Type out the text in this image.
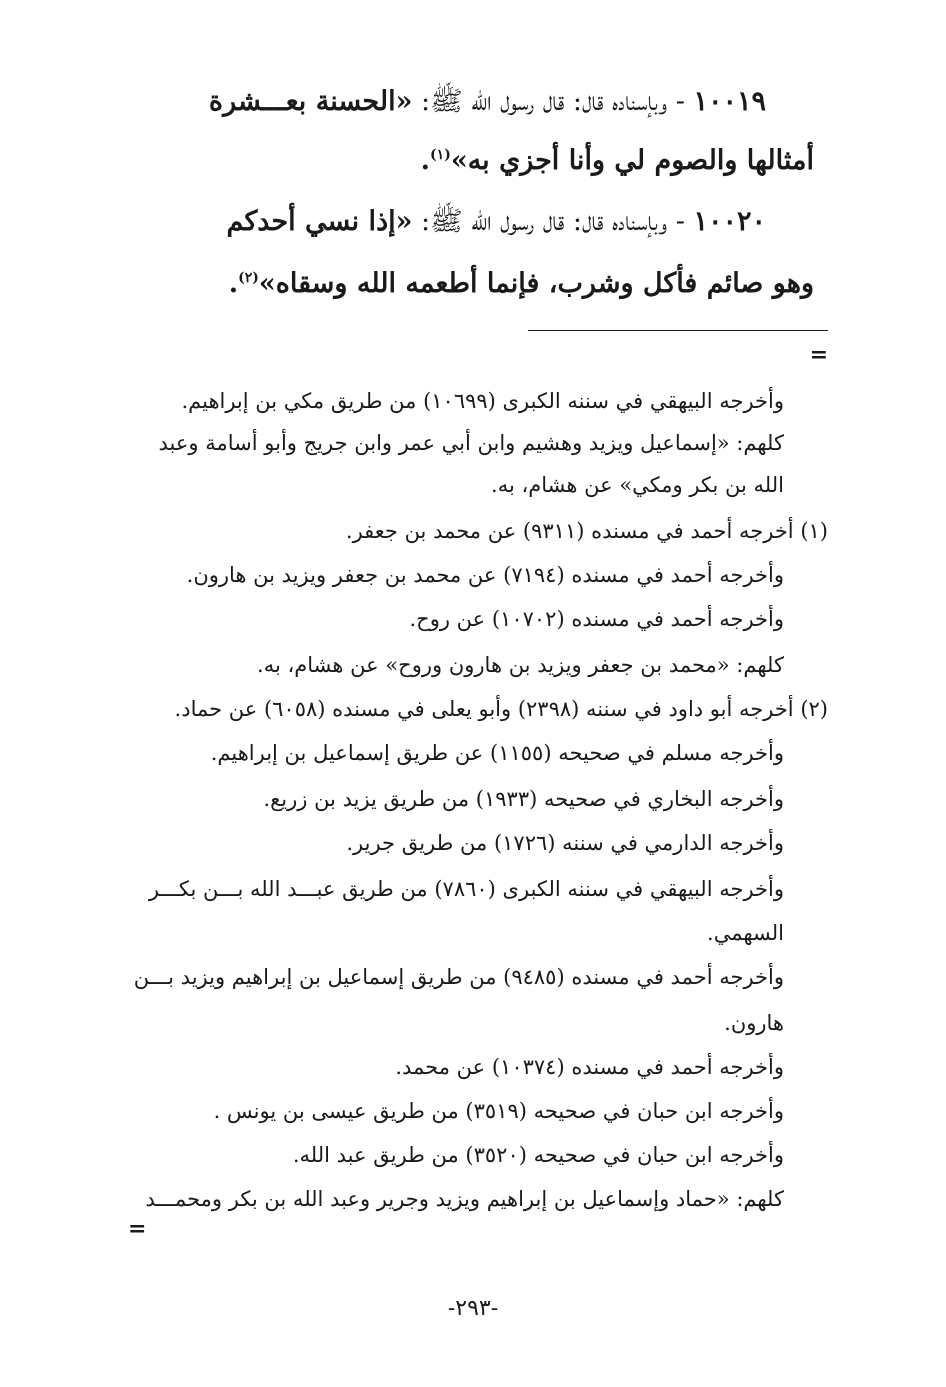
١٠٠١٩ - وبإسناده قال: قال رسول الله ﷺ: «الحسنة بعـــشرة
أمثالها والصوم لي وأنا أجزي به»$^{(١)}$.
١٠٠٢٠ - وبإسناده قال: قال رسول الله ﷺ: «إذا نسي أحدكم
وهو صائم فأكل وشرب، فإنما أطعمه الله وسقاه»$^{(٢)}$.
=
وأخرجه البيهقي في سننه الكبرى (١٠٦٩٩) من طريق مكي بن إبراهيم.
كلهم: «إسماعيل ويزيد وهشيم وابن أبي عمر وابن جريج وأبو أسامة وعبد
الله بن بكر ومكي» عن هشام، به.
(١) أخرجه أحمد في مسنده (٩٣١١) عن محمد بن جعفر.
وأخرجه أحمد في مسنده (٧١٩٤) عن محمد بن جعفر ويزيد بن هارون.
وأخرجه أحمد في مسنده (١٠٧٠٢) عن روح.
كلهم: «محمد بن جعفر ويزيد بن هارون وروح» عن هشام، به.
(٢) أخرجه أبو داود في سننه (٢٣٩٨) وأبو يعلى في مسنده (٦٠٥٨) عن حماد.
وأخرجه مسلم في صحيحه (١١٥٥) عن طريق إسماعيل بن إبراهيم.
وأخرجه البخاري في صحيحه (١٩٣٣) من طريق يزيد بن زريع.
وأخرجه الدارمي في سننه (١٧٢٦) من طريق جرير.
وأخرجه البيهقي في سننه الكبرى (٧٨٦٠) من طريق عبـــد الله بـــن بكـــر
السهمي.
وأخرجه أحمد في مسنده (٩٤٨٥) من طريق إسماعيل بن إبراهيم ويزيد بـــن
هارون.
وأخرجه أحمد في مسنده (١٠٣٧٤) عن محمد.
وأخرجه ابن حبان في صحيحه (٣٥١٩) من طريق عيسى بن يونس .
وأخرجه ابن حبان في صحيحه (٣٥٢٠) من طريق عبد الله.
كلهم: «حماد وإسماعيل بن إبراهيم ويزيد وجرير وعبد الله بن بكر ومحمـــد
=
-٢٩٣-
